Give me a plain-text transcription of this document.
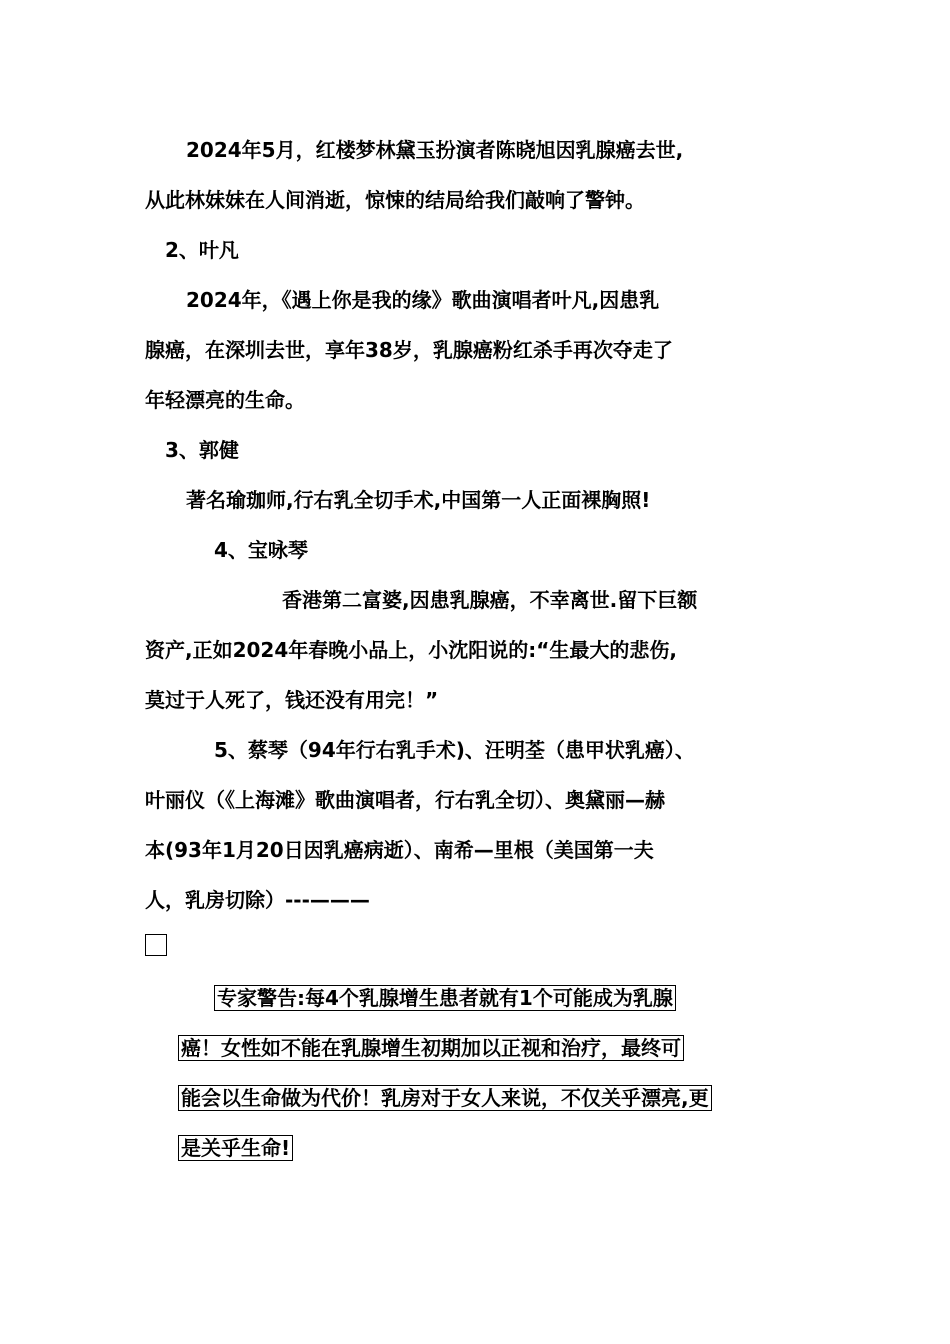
2024年5月，红楼梦林黛玉扮演者陈晓旭因乳腺癌去世,

从此林妹妹在人间消逝，惊悚的结局给我们敲响了警钟。

2、叶凡

2024年，《遇上你是我的缘》歌曲演唱者叶凡,因患乳

腺癌，在深圳去世，享年38岁，乳腺癌粉红杀手再次夺走了

年轻漂亮的生命。

3、郭健

著名瑜珈师,行右乳全切手术,中国第一人正面裸胸照!

4、宝咏琴

香港第二富婆,因患乳腺癌，不幸离世.留下巨额

资产,正如2024年春晚小品上，小沈阳说的:“生最大的悲伤,

莫过于人死了，钱还没有用完！”

5、蔡琴（94年行右乳手术)、汪明荃（患甲状乳癌）、

叶丽仪（《上海滩》歌曲演唱者，行右乳全切）、奥黛丽—赫

本(93年1月20日因乳癌病逝）、南希—里根（美国第一夫

人，乳房切除）---———

专家警告:每4个乳腺增生患者就有1个可能成为乳腺

癌！女性如不能在乳腺增生初期加以正视和治疗，最终可

能会以生命做为代价！乳房对于女人来说，不仅关乎漂亮,更

是关乎生命!
